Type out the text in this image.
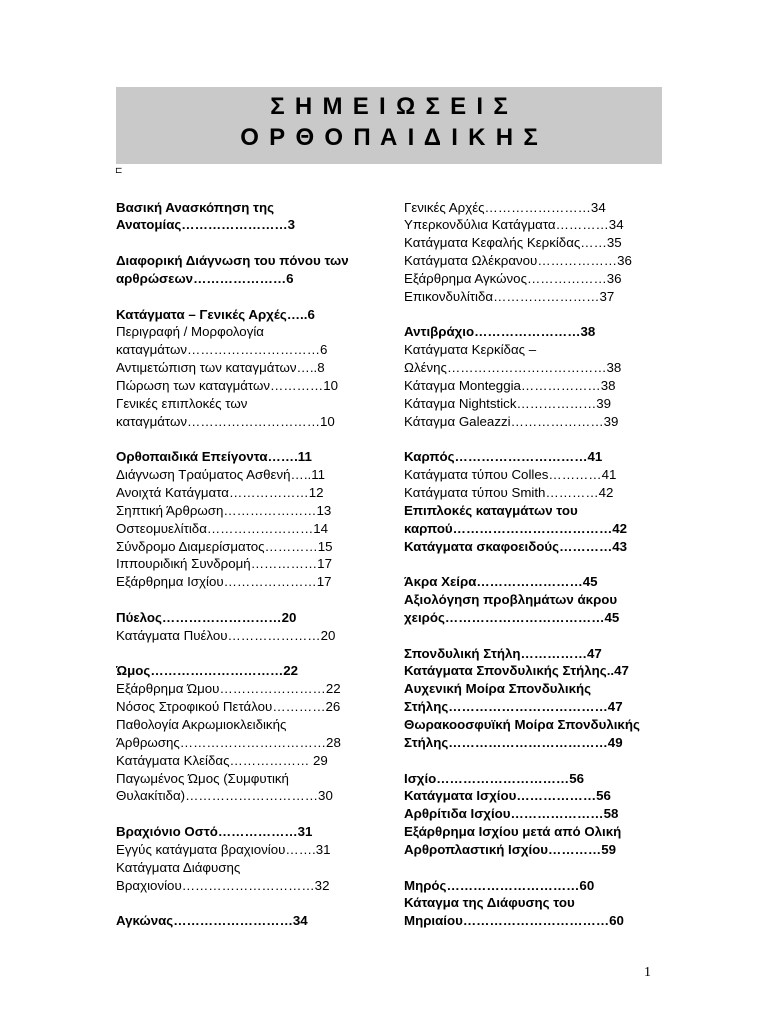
Σ Η Μ Ε Ι Ω Σ Ε Ι Σ
Ο Ρ Θ Ο Π Α Ι Δ Ι Κ Η Σ
⊏
Βασική Ανασκόπηση της
Ανατομίας……………………3
Διαφορική Διάγνωση του πόνου των
αρθρώσεων…………………6
Κατάγματα – Γενικές Αρχές…..6
Περιγραφή / Μορφολογία
καταγμάτων…………………………6
Αντιμετώπιση των καταγμάτων…..8
Πώρωση των καταγμάτων…………10
Γενικές επιπλοκές των
καταγμάτων…………………………10
Ορθοπαιδικά Επείγοντα…….11
Διάγνωση Τραύματος Ασθενή…..11
Ανοιχτά Κατάγματα………………12
Σηπτική Άρθρωση…………………13
Οστεομυελίτιδα……………………14
Σύνδρομο Διαμερίσματος…………15
Ιππουριδική Συνδρομή……………17
Εξάρθρημα Ισχίου…………………17
Πύελος………………………20
Κατάγματα Πυέλου…………………20
Ώμος…………………………22
Εξάρθρημα Ώμου……………………22
Νόσος Στροφικού Πετάλου…………26
Παθολογία Ακρωμιοκλειδικής
Άρθρωσης……………………………28
Κατάγματα Κλείδας……………… 29
Παγωμένος Ώμος (Συμφυτική
Θυλακίτιδα)…………………………30
Βραχιόνιο Οστό………………31
Εγγύς κατάγματα βραχιονίου…….31
Κατάγματα Διάφυσης
Βραχιονίου…………………………32
Αγκώνας………………………34
Γενικές Αρχές……………………34
Υπερκονδύλια Κατάγματα…………34
Κατάγματα Κεφαλής Κερκίδας……35
Κατάγματα Ωλέκρανου………………36
Εξάρθρημα Αγκώνος………………36
Επικονδυλίτιδα……………………37
Αντιβράχιο……………………38
Κατάγματα Κερκίδας –
Ωλένης………………………………38
Κάταγμα Monteggia………………38
Κάταγμα Nightstick………………39
Κάταγμα Galeazzi…………………39
Καρπός…………………………41
Κατάγματα τύπου Colles…………41
Κατάγματα τύπου Smith…………42
Επιπλοκές καταγμάτων του
καρπού………………………………42
Κατάγματα σκαφοειδούς…………43
Άκρα Χείρα……………………45
Αξιολόγηση προβλημάτων άκρου
χειρός………………………………45
Σπονδυλική Στήλη……………47
Κατάγματα Σπονδυλικής Στήλης..47
Αυχενική Μοίρα Σπονδυλικής
Στήλης………………………………47
Θωρακοοσφυϊκή Μοίρα Σπονδυλικής
Στήλης………………………………49
Ισχίο…………………………56
Κατάγματα Ισχίου………………56
Αρθρίτιδα Ισχίου…………………58
Εξάρθρημα Ισχίου μετά από Ολική
Αρθροπλαστική Ισχίου…………59
Μηρός…………………………60
Κάταγμα της Διάφυσης του
Μηριαίου……………………………60
1
